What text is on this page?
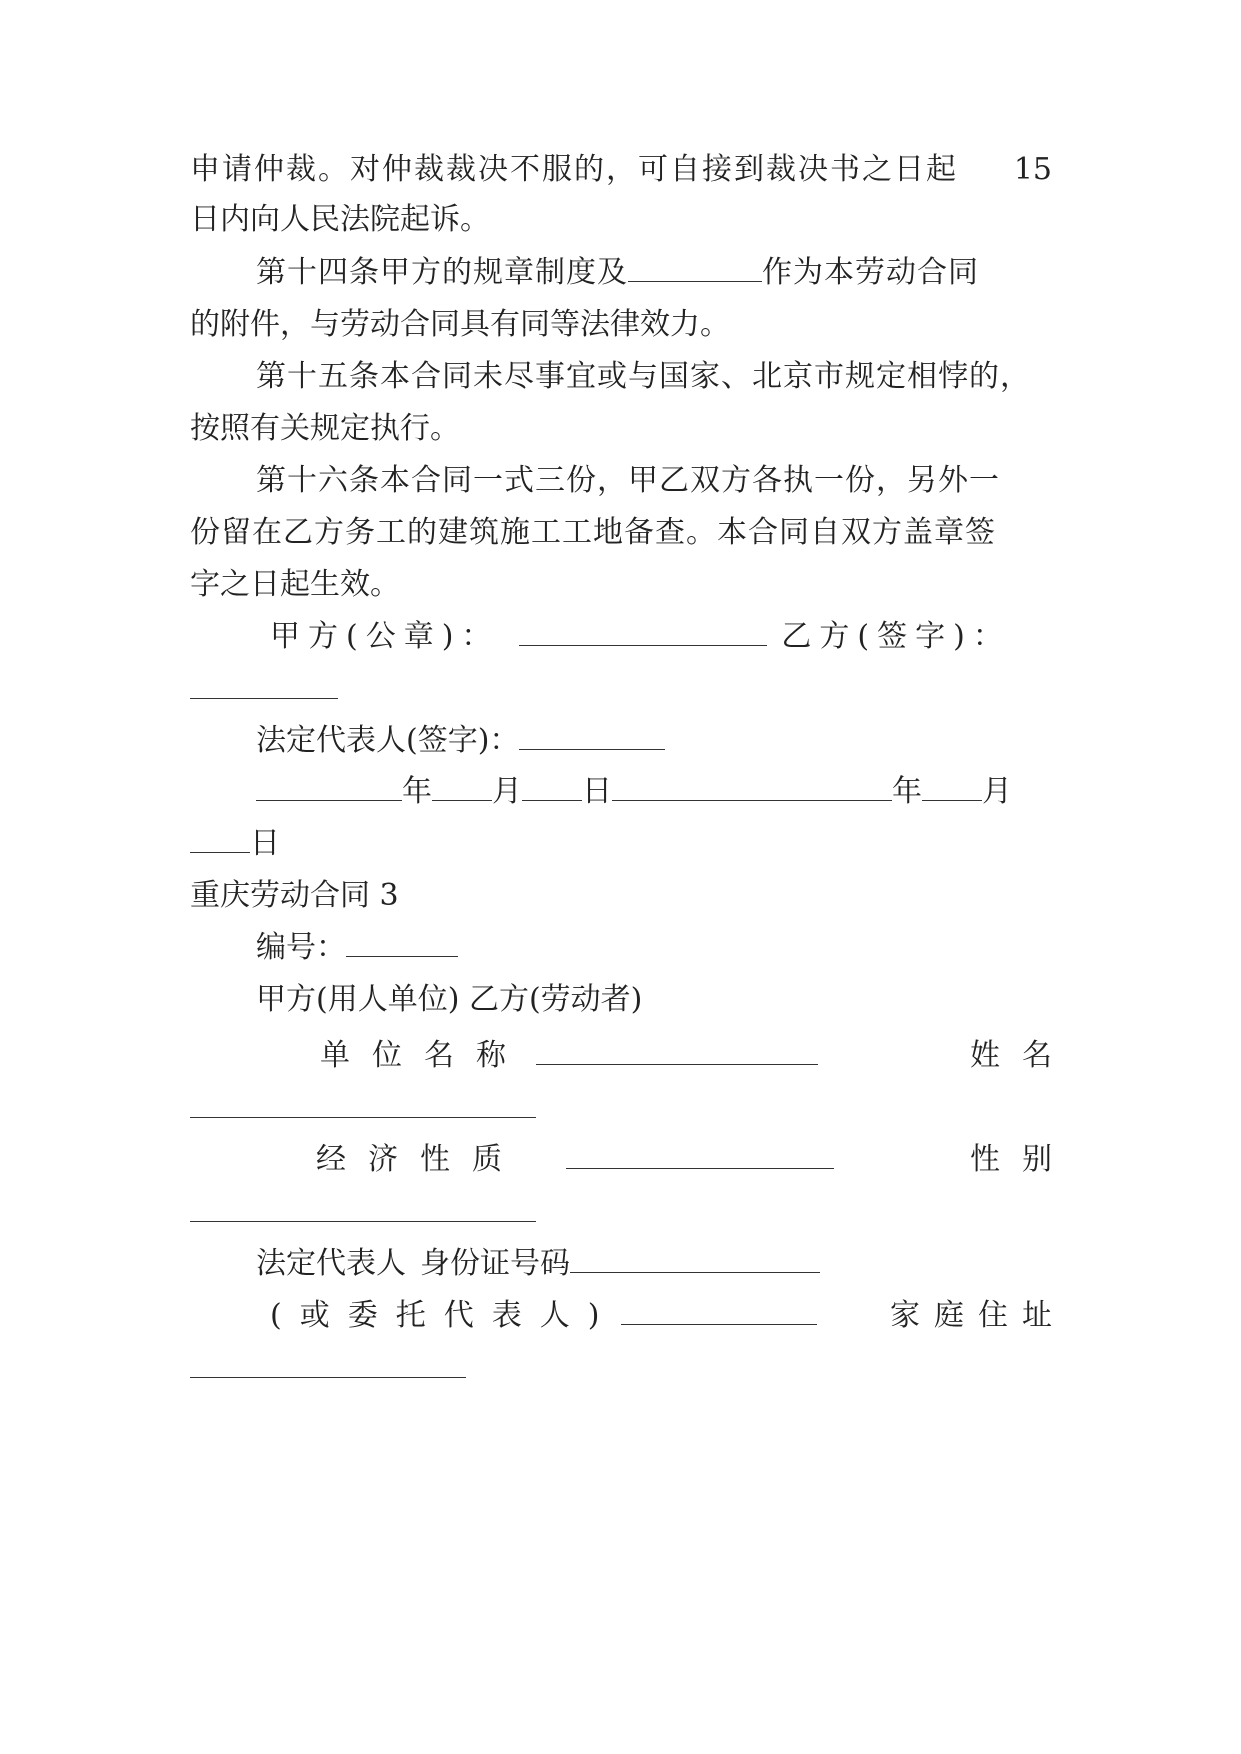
申请仲裁。对仲裁裁决不服的，可自接到裁决书之日起 15
日内向人民法院起诉。
第十四条甲方的规章制度及	作为本劳动合同
的附件，与劳动合同具有同等法律效力。
第十五条本合同未尽事宜或与国家、北京市规定相悖的，
按照有关规定执行。
第十六条本合同一式三份，甲乙双方各执一份，另外一
份留在乙方务工的建筑施工工地备查。本合同自双方盖章签
字之日起生效。
甲方(公章)：	乙方(签字)：
法定代表人(签字)：
年 月 日	年 月
日
重庆劳动合同 3
编号：
甲方(用人单位) 乙方(劳动者)
单位名称	姓名
经济性质	性别
法定代表人 身份证号码
(或委托代表人)	家庭住址
